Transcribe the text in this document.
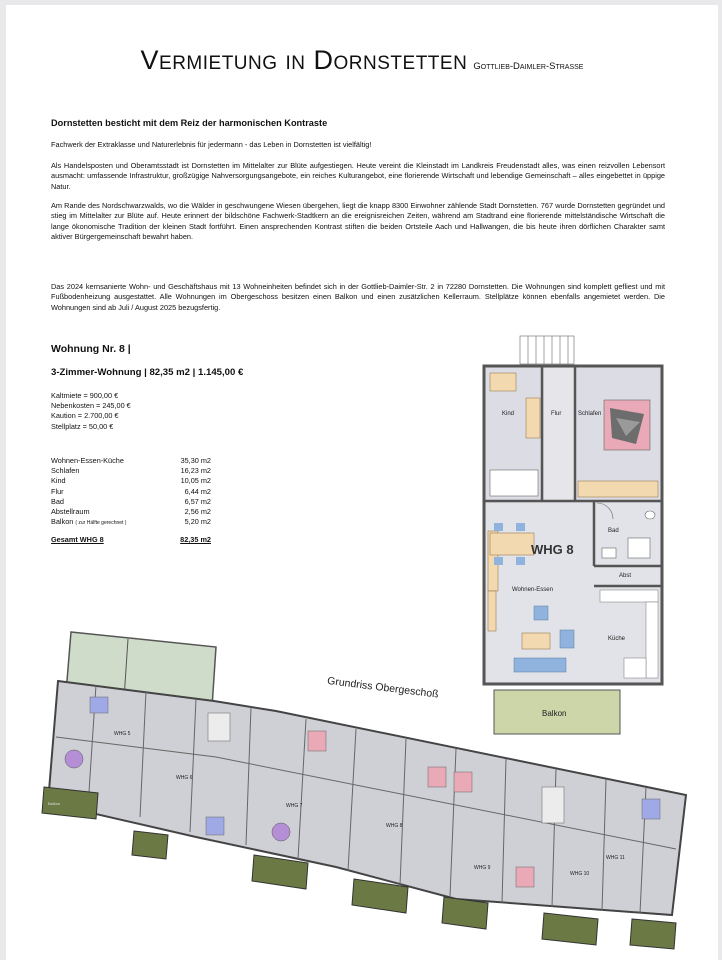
Vermietung in Dornstetten Gottlieb-Daimler-Strasse
Dornstetten besticht mit dem Reiz der harmonischen Kontraste
Fachwerk der Extraklasse und Naturerlebnis für jedermann - das Leben in Dornstetten ist vielfältig!
Als Handelsposten und Oberamtsstadt ist Dornstetten im Mittelalter zur Blüte aufgestiegen. Heute vereint die Kleinstadt im Landkreis Freudenstadt alles, was einen reizvollen Lebensort ausmacht: umfassende Infrastruktur, großzügige Nahversorgungsangebote, ein reiches Kulturangebot, eine florierende Wirtschaft und lebendige Gemeinschaft – alles eingebettet in üppige Natur.
Am Rande des Nordschwarzwalds, wo die Wälder in geschwungene Wiesen übergehen, liegt die knapp 8300 Einwohner zählende Stadt Dornstetten. 767 wurde Dornstetten gegründet und stieg im Mittelalter zur Blüte auf. Heute erinnert der bildschöne Fachwerk-Stadtkern an die ereignisreichen Zeiten, während am Stadtrand eine florierende mittelständische Wirtschaft die lange ökonomische Tradition der kleinen Stadt fortführt. Einen ansprechenden Kontrast stiften die beiden Ortsteile Aach und Hallwangen, die bis heute ihren dörflichen Charakter samt aktiver Bürgergemeinschaft bewahrt haben.
Das 2024 kernsanierte Wohn- und Geschäftshaus mit 13 Wohneinheiten befindet sich in der Gottlieb-Daimler-Str. 2 in 72280 Dornstetten. Die Wohnungen sind komplett gefliest und mit Fußbodenheizung ausgestattet. Alle Wohnungen im Obergeschoss besitzen einen Balkon und einen zusätzlichen Kellerraum. Stellplätze können ebenfalls angemietet werden. Die Wohnungen sind ab Juli / August 2025 bezugsfertig.
Wohnung Nr. 8 |
3-Zimmer-Wohnung | 82,35 m2 | 1.145,00 €
Kaltmiete = 900,00 €
Nebenkosten = 245,00 €
Kaution = 2.700,00 €
Stellplatz = 50,00 €
Wohnen-Essen-Küche	35,30 m2
Schlafen	16,23 m2
Kind	10,05 m2
Flur	6,44 m2
Bad	6,57 m2
Abstellraum	2,56 m2
Balkon ( zur Hälfte gerechnet )	5,20 m2
Gesamt WHG 8	82,35 m2
Kind	Flur	Schlafen
Bad
WHG 8
Abst
Wohnen-Essen
Küche
Balkon
Grundriss Obergeschoß
Balkon
WHG 5
WHG 6
WHG 7
WHG 8
WHG 9
WHG 10
WHG 11
